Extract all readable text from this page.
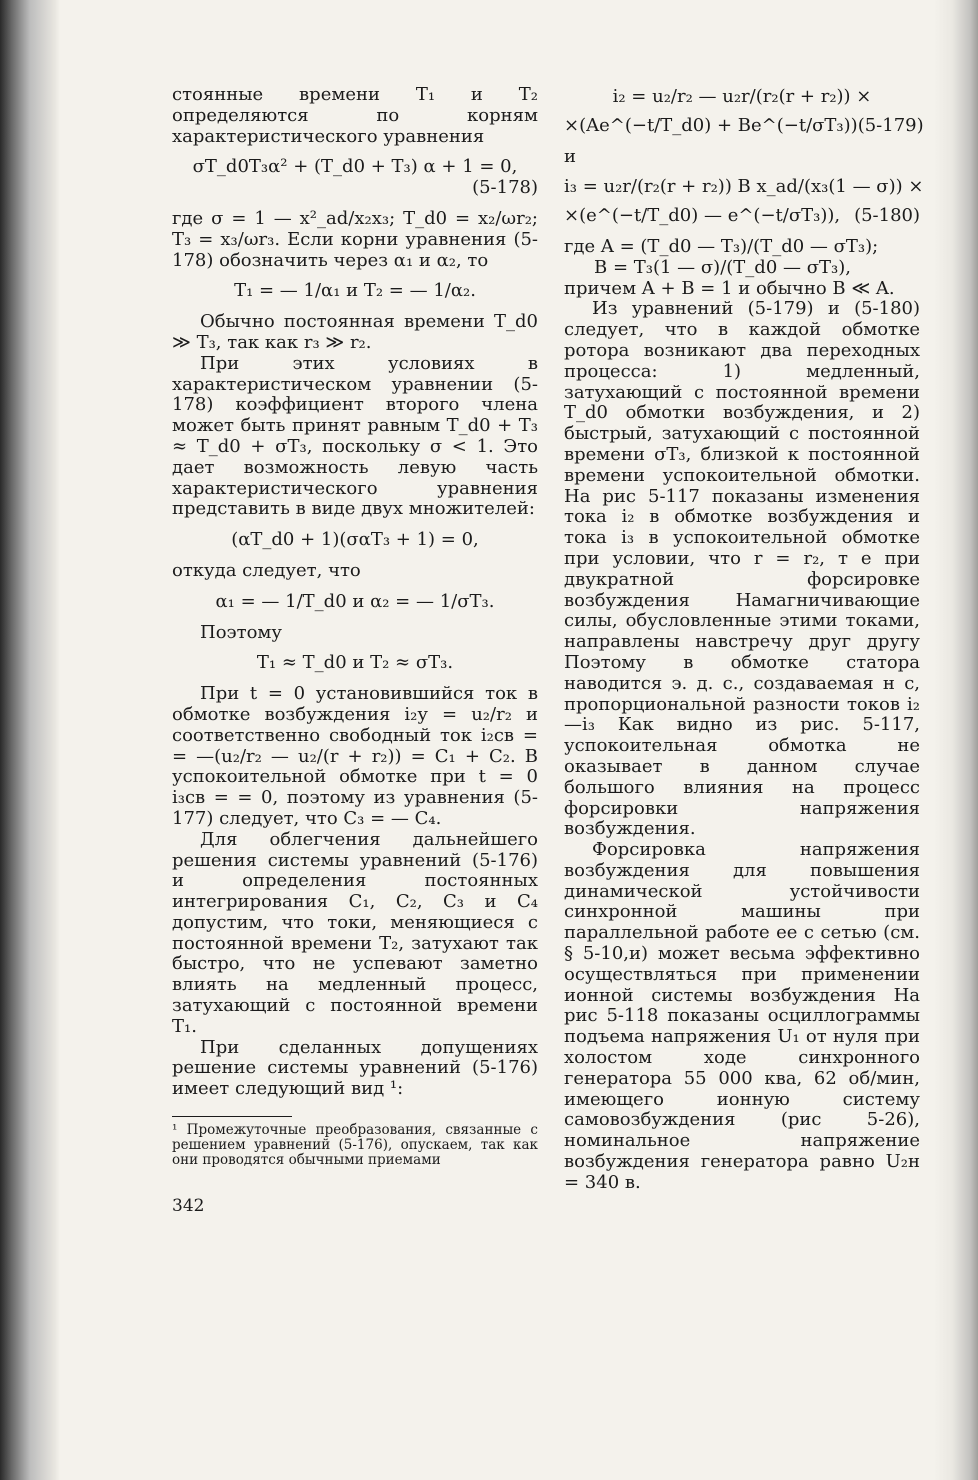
стоянные времени T₁ и T₂ определяются по корням характеристического уравнения

σT_d0T₃α² + (T_d0 + T₃) α + 1 = 0,
(5-178)

где σ = 1 — x²_ad/x₂x₃; T_d0 = x₂/ωr₂; T₃ = x₃/ωr₃. Если корни уравнения (5-178) обозначить через α₁ и α₂, то

T₁ = — 1/α₁ и T₂ = — 1/α₂.

Обычно постоянная времени T_d0 ≫ T₃, так как r₃ ≫ r₂.

При этих условиях в характеристическом уравнении (5-178) коэффициент второго члена может быть принят равным T_d0 + T₃ ≈ T_d0 + σT₃, поскольку σ < 1. Это дает возможность левую часть характеристического уравнения представить в виде двух множителей:

(αT_d0 + 1)(σαT₃ + 1) = 0,

откуда следует, что

α₁ = — 1/T_d0 и α₂ = — 1/σT₃.

Поэтому

T₁ ≈ T_d0 и T₂ ≈ σT₃.

При t = 0 установившийся ток в обмотке возбуждения i₂у = u₂/r₂ и соответственно свободный ток i₂св = = —(u₂/r₂ — u₂/(r + r₂)) = C₁ + C₂. В успокоительной обмотке при t = 0 i₃св = = 0, поэтому из уравнения (5-177) следует, что C₃ = — C₄.

Для облегчения дальнейшего решения системы уравнений (5-176) и определения постоянных интегрирования C₁, C₂, C₃ и C₄ допустим, что токи, меняющиеся с постоянной времени T₂, затухают так быстро, что не успевают заметно влиять на медленный процесс, затухающий с постоянной времени T₁.

При сделанных допущениях решение системы уравнений (5-176) имеет следующий вид ¹:

¹ Промежуточные преобразования, связанные с решением уравнений (5-176), опускаем, так как они проводятся обычными приемами

342
i₂ = u₂/r₂ — u₂r/(r₂(r + r₂)) ×
×(Ae^(−t/T_d0) + Be^(−t/σT₃)) (5-179)

и

i₃ = u₂r/(r₂(r + r₂)) B x_ad/(x₃(1 — σ)) ×
×(e^(−t/T_d0) — e^(−t/σT₃)), (5-180)

где A = (T_d0 — T₃)/(T_d0 — σT₃);

B = T₃(1 — σ)/(T_d0 — σT₃),

причем A + B = 1 и обычно B ≪ A.

Из уравнений (5-179) и (5-180) следует, что в каждой обмотке ротора возникают два переходных процесса: 1) медленный, затухающий с постоянной времени T_d0 обмотки возбуждения, и 2) быстрый, затухающий с постоянной времени σT₃, близкой к постоянной времени успокоительной обмотки. На рис 5-117 показаны изменения тока i₂ в обмотке возбуждения и тока i₃ в успокоительной обмотке при условии, что r = r₂, т е при двукратной форсировке возбуждения Намагничивающие силы, обусловленные этими токами, направлены навстречу друг другу Поэтому в обмотке статора наводится э. д. с., создаваемая н с, пропорциональной разности токов i₂—i₃ Как видно из рис. 5-117, успокоительная обмотка не оказывает в данном случае большого влияния на процесс форсировки напряжения возбуждения.

Форсировка напряжения возбуждения для повышения динамической устойчивости синхронной машины при параллельной работе ее с сетью (см. § 5-10,и) может весьма эффективно осуществляться при применении ионной системы возбуждения На рис 5-118 показаны осциллограммы подъема напряжения U₁ от нуля при холостом ходе синхронного генератора 55 000 ква, 62 об/мин, имеющего ионную систему самовозбуждения (рис 5-26), номинальное напряжение возбуждения генератора равно U₂н = 340 в.
